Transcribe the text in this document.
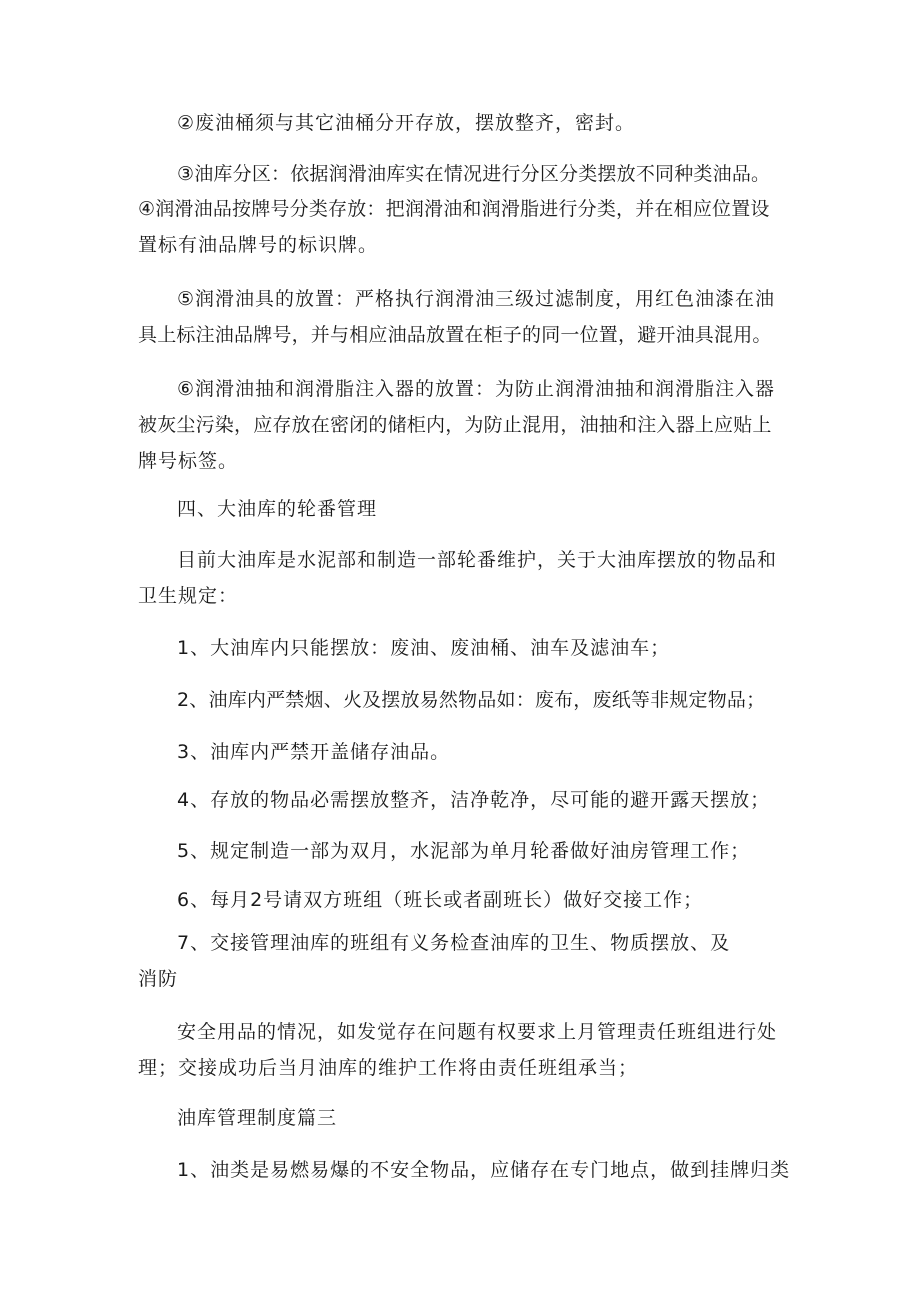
②废油桶须与其它油桶分开存放，摆放整齐，密封。
③油库分区：依据润滑油库实在情况进行分区分类摆放不同种类油品。
④润滑油品按牌号分类存放：把润滑油和润滑脂进行分类，并在相应位置设
置标有油品牌号的标识牌。
⑤润滑油具的放置：严格执行润滑油三级过滤制度，用红色油漆在油
具上标注油品牌号，并与相应油品放置在柜子的同一位置，避开油具混用。
⑥润滑油抽和润滑脂注入器的放置：为防止润滑油抽和润滑脂注入器
被灰尘污染，应存放在密闭的储柜内，为防止混用，油抽和注入器上应贴上
牌号标签。
四、大油库的轮番管理
目前大油库是水泥部和制造一部轮番维护，关于大油库摆放的物品和
卫生规定：
1、大油库内只能摆放：废油、废油桶、油车及滤油车；
2、油库内严禁烟、火及摆放易然物品如：废布，废纸等非规定物品；
3、油库内严禁开盖储存油品。
4、存放的物品必需摆放整齐，洁净乾净，尽可能的避开露天摆放；
5、规定制造一部为双月，水泥部为单月轮番做好油房管理工作；
6、每月2号请双方班组（班长或者副班长）做好交接工作；
7、交接管理油库的班组有义务检查油库的卫生、物质摆放、及
消防
安全用品的情况，如发觉存在问题有权要求上月管理责任班组进行处
理；交接成功后当月油库的维护工作将由责任班组承当；
油库管理制度篇三
1、油类是易燃易爆的不安全物品，应储存在专门地点，做到挂牌归类
